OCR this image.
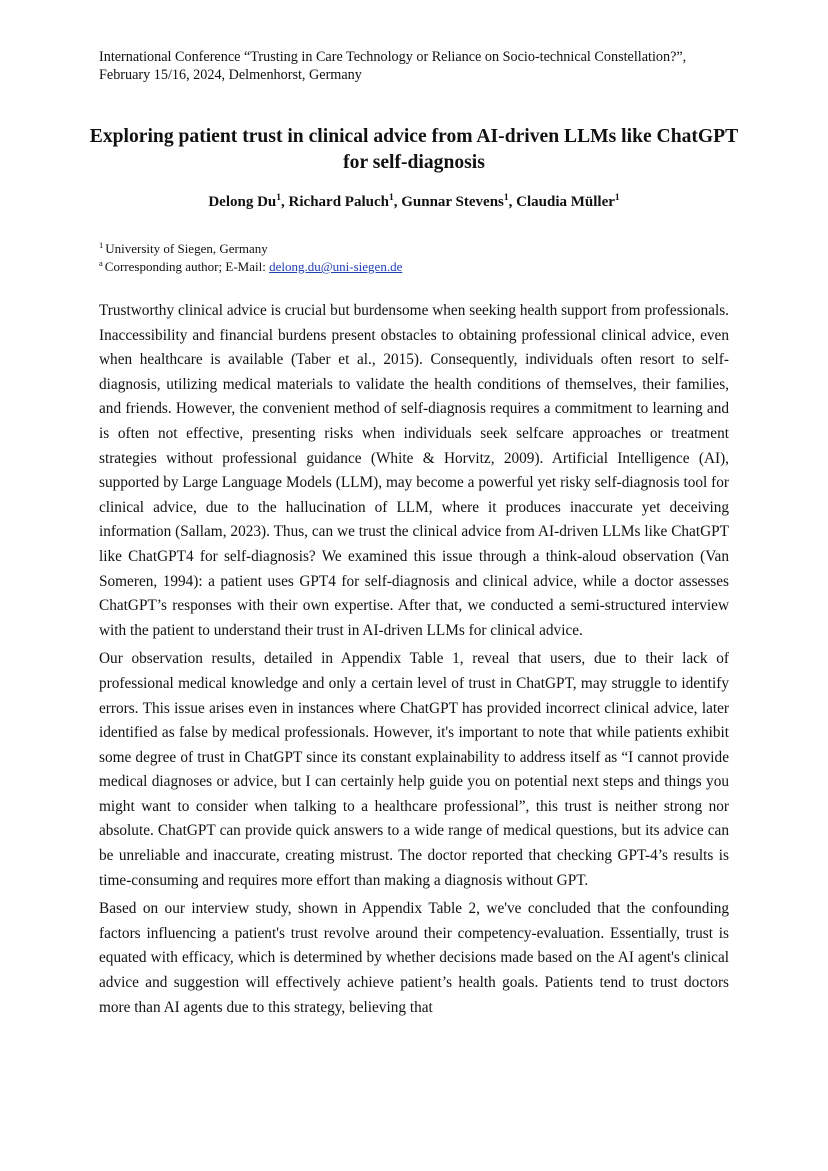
International Conference “Trusting in Care Technology or Reliance on Socio-technical Constellation?”, February 15/16, 2024, Delmenhorst, Germany
Exploring patient trust in clinical advice from AI-driven LLMs like ChatGPT for self-diagnosis
Delong Du$^1$, Richard Paluch$^1$, Gunnar Stevens$^1$, Claudia Müller$^1$
$^1$ University of Siegen, Germany
$^a$ Corresponding author; E-Mail: delong.du@uni-siegen.de

Trustworthy clinical advice is crucial but burdensome when seeking health support from professionals. Inaccessibility and financial burdens present obstacles to obtaining professional clinical advice, even when healthcare is available (Taber et al., 2015). Consequently, individuals often resort to self-diagnosis, utilizing medical materials to validate the health conditions of themselves, their families, and friends. However, the convenient method of self-diagnosis requires a commitment to learning and is often not effective, presenting risks when individuals seek selfcare approaches or treatment strategies without professional guidance (White & Horvitz, 2009). Artificial Intelligence (AI), supported by Large Language Models (LLM), may become a powerful yet risky self-diagnosis tool for clinical advice, due to the hallucination of LLM, where it produces inaccurate yet deceiving information (Sallam, 2023). Thus, can we trust the clinical advice from AI-driven LLMs like ChatGPT like ChatGPT4 for self-diagnosis? We examined this issue through a think-aloud observation (Van Someren, 1994): a patient uses GPT4 for self-diagnosis and clinical advice, while a doctor assesses ChatGPT’s responses with their own expertise. After that, we conducted a semi-structured interview with the patient to understand their trust in AI-driven LLMs for clinical advice.

Our observation results, detailed in Appendix Table 1, reveal that users, due to their lack of professional medical knowledge and only a certain level of trust in ChatGPT, may struggle to identify errors. This issue arises even in instances where ChatGPT has provided incorrect clinical advice, later identified as false by medical professionals. However, it's important to note that while patients exhibit some degree of trust in ChatGPT since its constant explainability to address itself as “I cannot provide medical diagnoses or advice, but I can certainly help guide you on potential next steps and things you might want to consider when talking to a healthcare professional”, this trust is neither strong nor absolute. ChatGPT can provide quick answers to a wide range of medical questions, but its advice can be unreliable and inaccurate, creating mistrust. The doctor reported that checking GPT-4’s results is time-consuming and requires more effort than making a diagnosis without GPT.

Based on our interview study, shown in Appendix Table 2, we've concluded that the confounding factors influencing a patient's trust revolve around their competency-evaluation. Essentially, trust is equated with efficacy, which is determined by whether decisions made based on the AI agent's clinical advice and suggestion will effectively achieve patient’s health goals. Patients tend to trust doctors more than AI agents due to this strategy, believing that
